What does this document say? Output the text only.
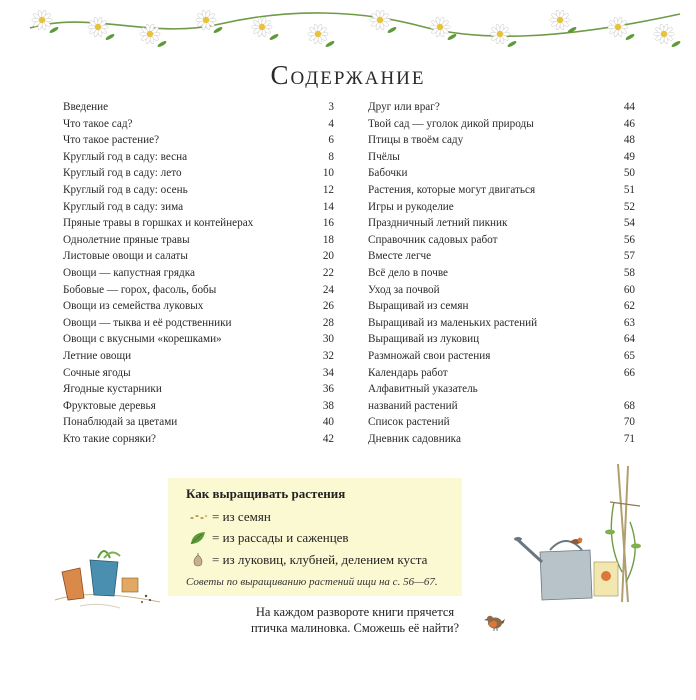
Содержание
Введение	3
Что такое сад?	4
Что такое растение?	6
Круглый год в саду: весна	8
Круглый год в саду: лето	10
Круглый год в саду: осень	12
Круглый год в саду: зима	14
Пряные травы в горшках и контейнерах	16
Однолетние пряные травы	18
Листовые овощи и салаты	20
Овощи — капустная грядка	22
Бобовые — горох, фасоль, бобы	24
Овощи из семейства луковых	26
Овощи — тыква и её родственники	28
Овощи с вкусными «корешками»	30
Летние овощи	32
Сочные ягоды	34
Ягодные кустарники	36
Фруктовые деревья	38
Понаблюдай за цветами	40
Кто такие сорняки?	42
Друг или враг?	44
Твой сад — уголок дикой природы	46
Птицы в твоём саду	48
Пчёлы	49
Бабочки	50
Растения, которые могут двигаться	51
Игры и рукоделие	52
Праздничный летний пикник	54
Справочник садовых работ	56
Вместе легче	57
Всё дело в почве	58
Уход за почвой	60
Выращивай из семян	62
Выращивай из маленьких растений	63
Выращивай из луковиц	64
Размножай свои растения	65
Календарь работ	66
Алфавитный указатель
названий растений	68
Список растений	70
Дневник садовника	71
Как выращивать растения
= из семян
= из рассады и саженцев
= из луковиц, клубней, делением куста
Советы по выращиванию растений ищи на с. 56—67.
На каждом развороте книги прячется
птичка малиновка. Сможешь её найти?
